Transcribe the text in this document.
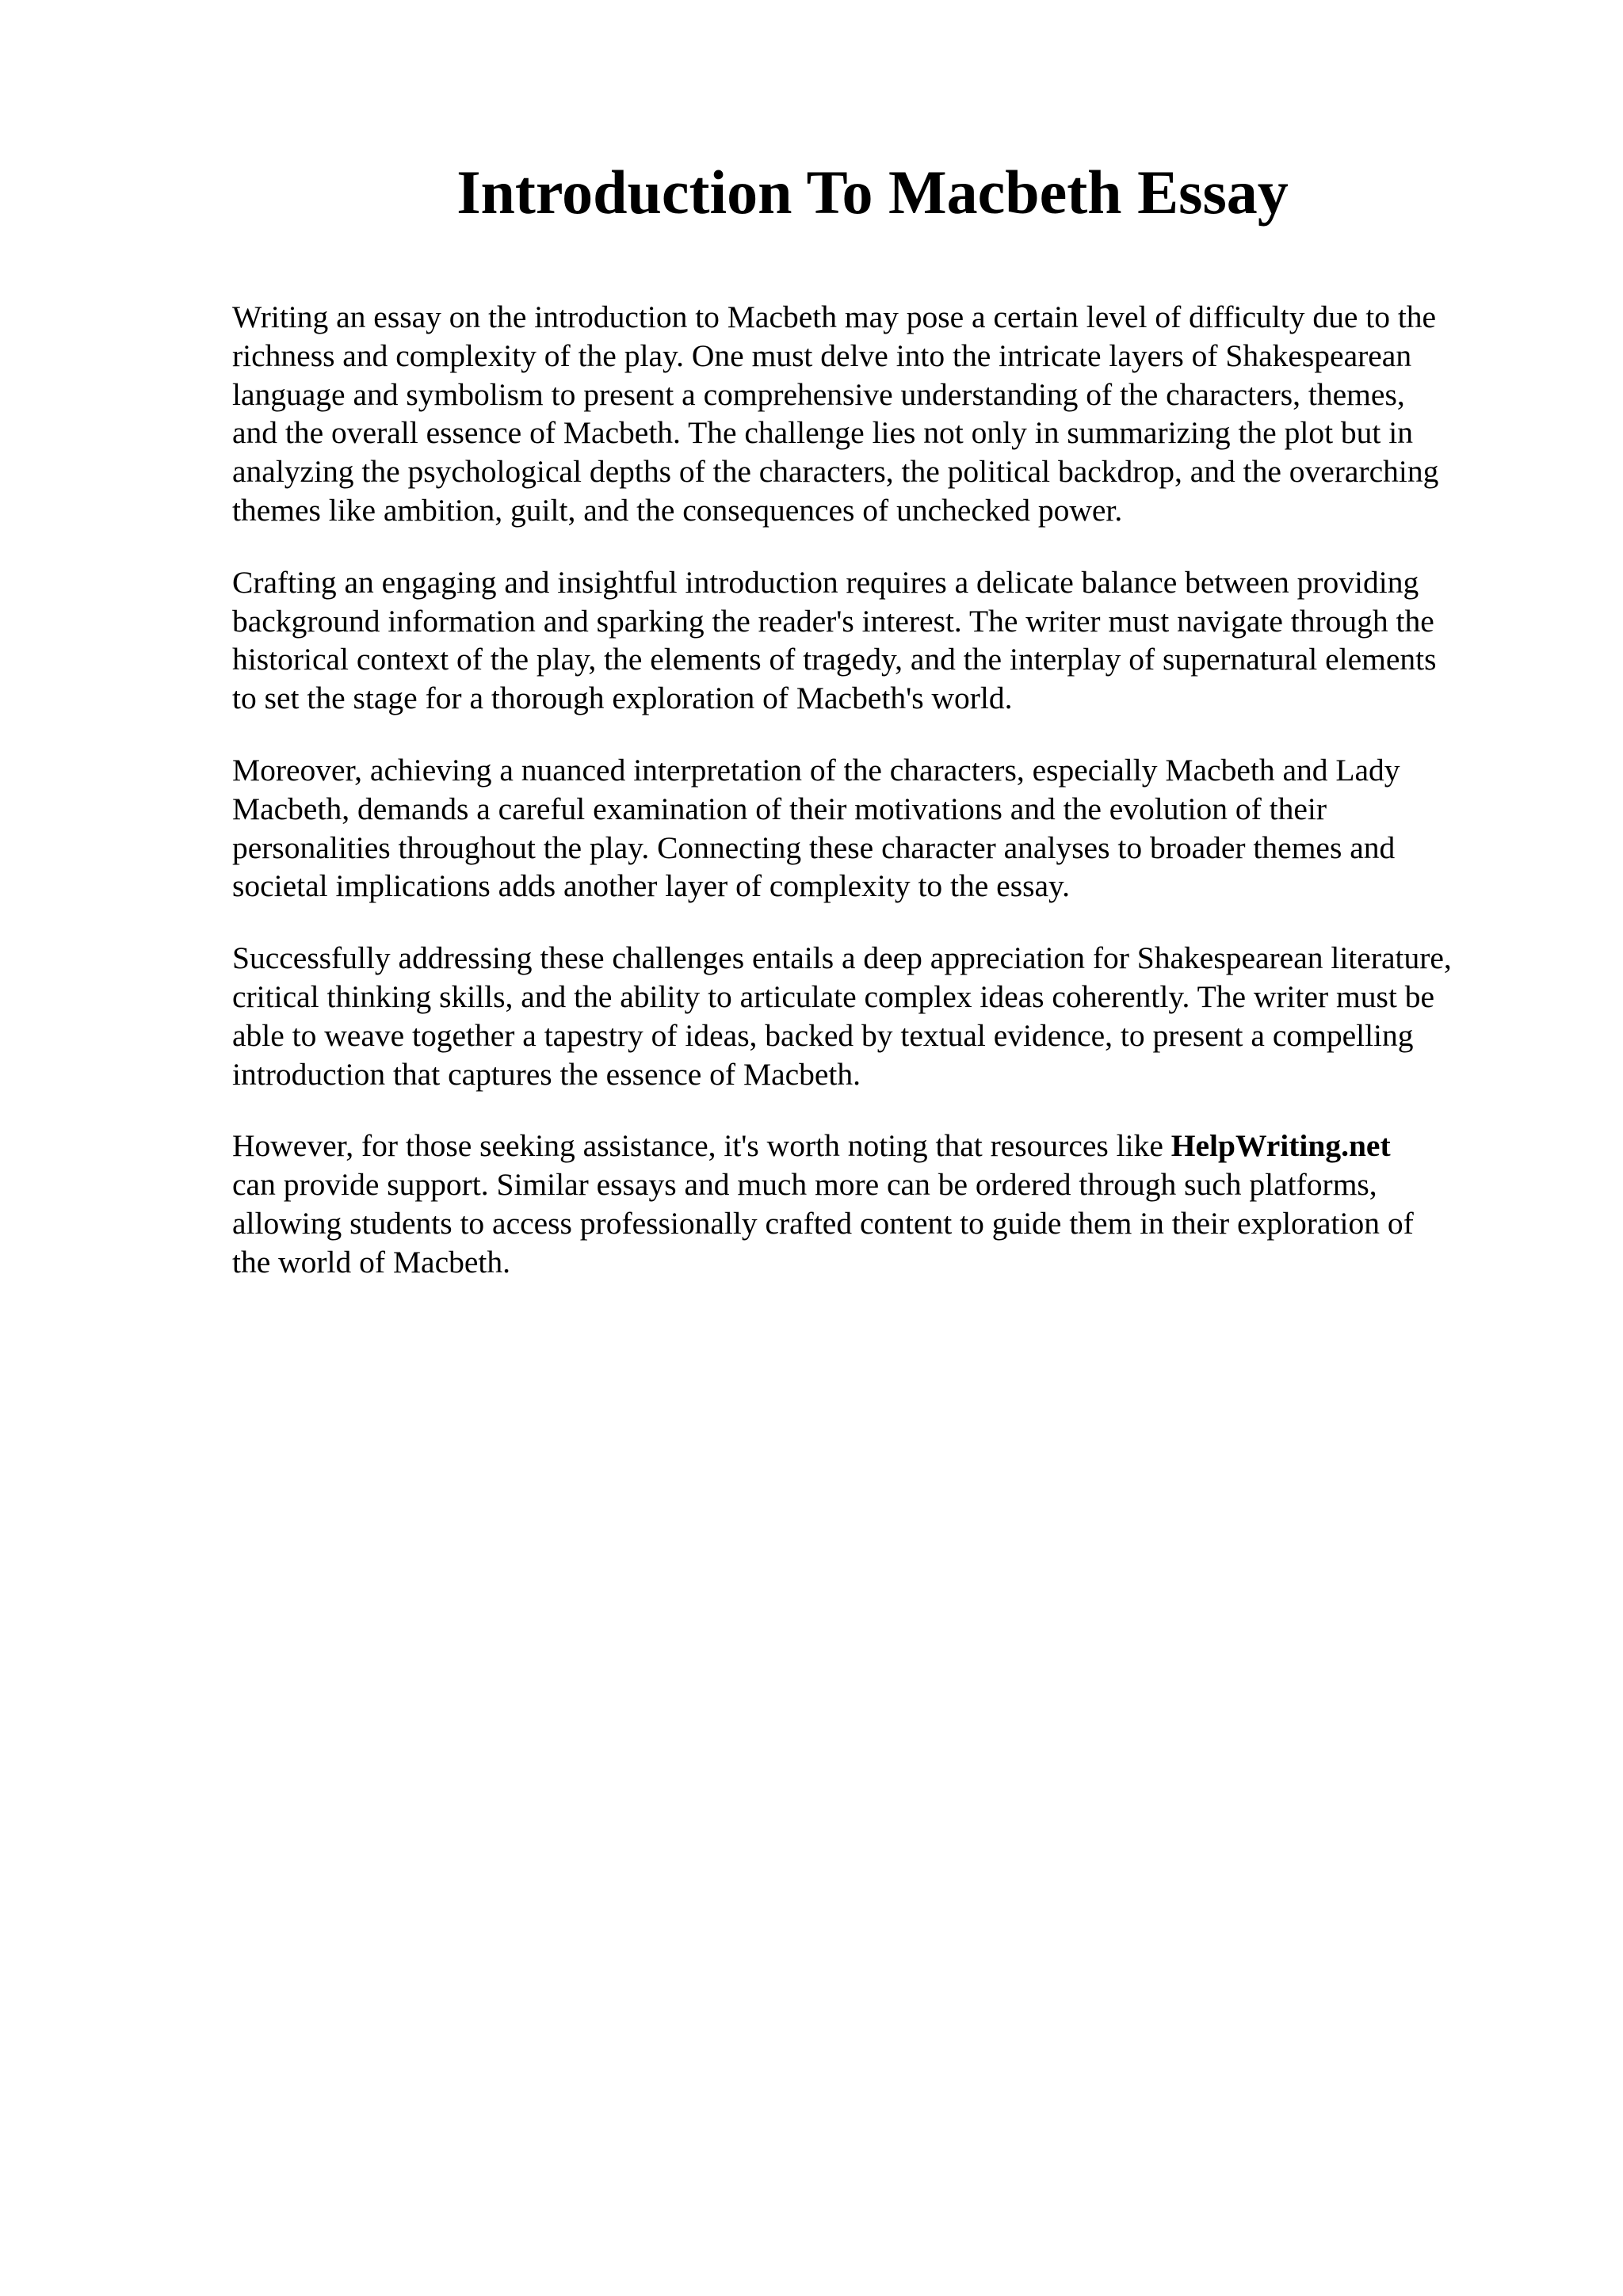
Introduction To Macbeth Essay

Writing an essay on the introduction to Macbeth may pose a certain level of difficulty due to the
richness and complexity of the play. One must delve into the intricate layers of Shakespearean
language and symbolism to present a comprehensive understanding of the characters, themes,
and the overall essence of Macbeth. The challenge lies not only in summarizing the plot but in
analyzing the psychological depths of the characters, the political backdrop, and the overarching
themes like ambition, guilt, and the consequences of unchecked power.

Crafting an engaging and insightful introduction requires a delicate balance between providing
background information and sparking the reader's interest. The writer must navigate through the
historical context of the play, the elements of tragedy, and the interplay of supernatural elements
to set the stage for a thorough exploration of Macbeth's world.

Moreover, achieving a nuanced interpretation of the characters, especially Macbeth and Lady
Macbeth, demands a careful examination of their motivations and the evolution of their
personalities throughout the play. Connecting these character analyses to broader themes and
societal implications adds another layer of complexity to the essay.

Successfully addressing these challenges entails a deep appreciation for Shakespearean literature,
critical thinking skills, and the ability to articulate complex ideas coherently. The writer must be
able to weave together a tapestry of ideas, backed by textual evidence, to present a compelling
introduction that captures the essence of Macbeth.

However, for those seeking assistance, it's worth noting that resources like HelpWriting.net
can provide support. Similar essays and much more can be ordered through such platforms,
allowing students to access professionally crafted content to guide them in their exploration of
the world of Macbeth.
